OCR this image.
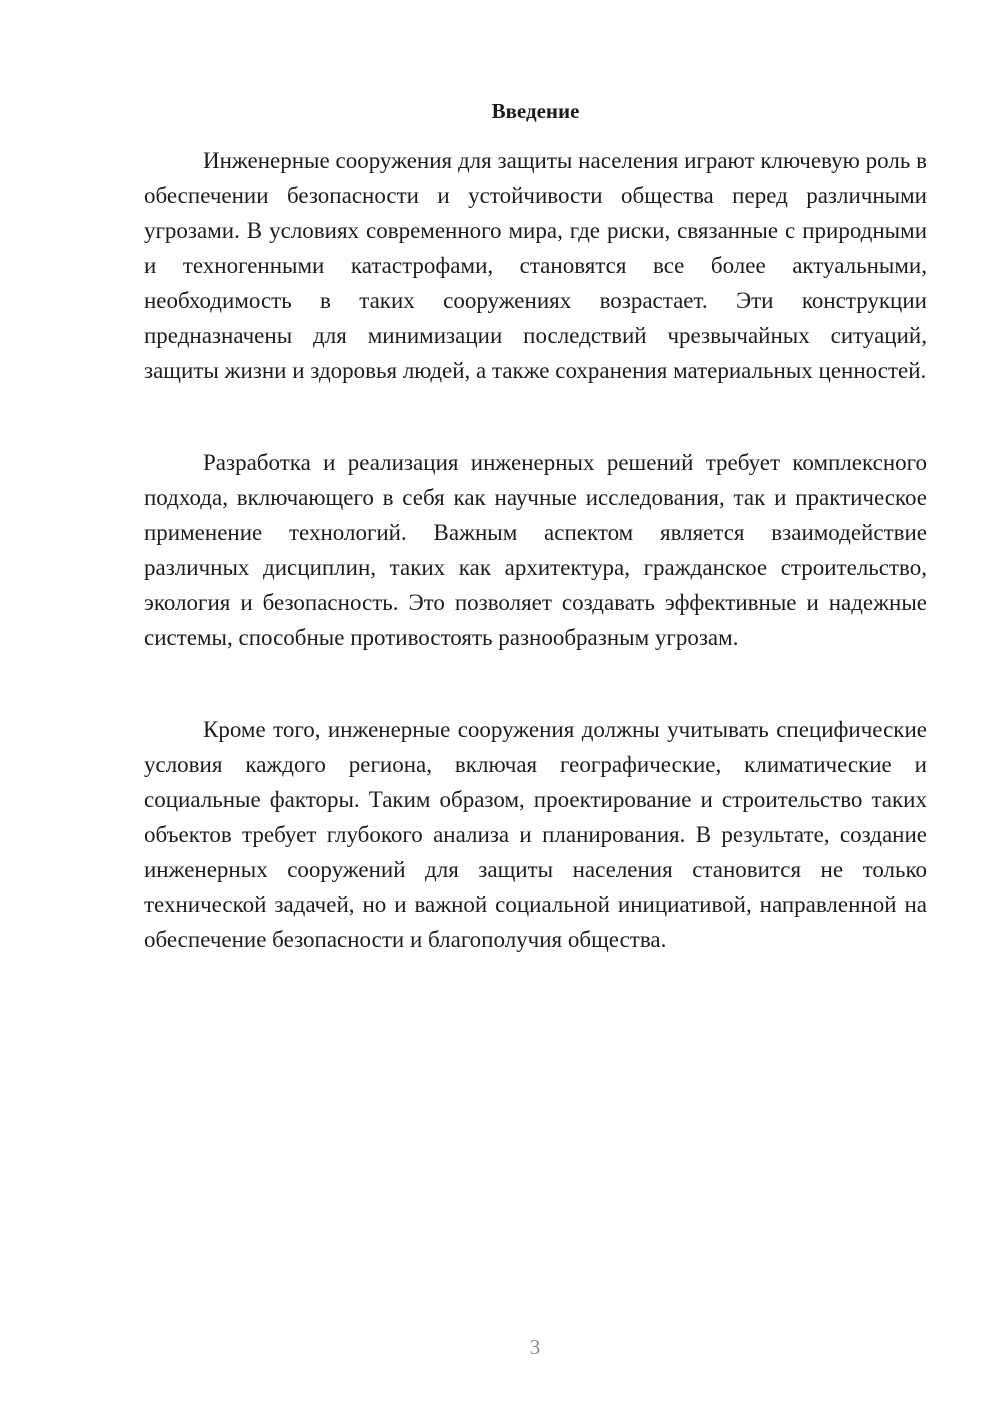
Введение

Инженерные сооружения для защиты населения играют ключевую роль в обеспечении безопасности и устойчивости общества перед различными угрозами. В условиях современного мира, где риски, связанные с природными и техногенными катастрофами, становятся все более актуальными, необходимость в таких сооружениях возрастает. Эти конструкции предназначены для минимизации последствий чрезвычайных ситуаций, защиты жизни и здоровья людей, а также сохранения материальных ценностей.

Разработка и реализация инженерных решений требует комплексного подхода, включающего в себя как научные исследования, так и практическое применение технологий. Важным аспектом является взаимодействие различных дисциплин, таких как архитектура, гражданское строительство, экология и безопасность. Это позволяет создавать эффективные и надежные системы, способные противостоять разнообразным угрозам.

Кроме того, инженерные сооружения должны учитывать специфические условия каждого региона, включая географические, климатические и социальные факторы. Таким образом, проектирование и строительство таких объектов требует глубокого анализа и планирования. В результате, создание инженерных сооружений для защиты населения становится не только технической задачей, но и важной социальной инициативой, направленной на обеспечение безопасности и благополучия общества.

3
